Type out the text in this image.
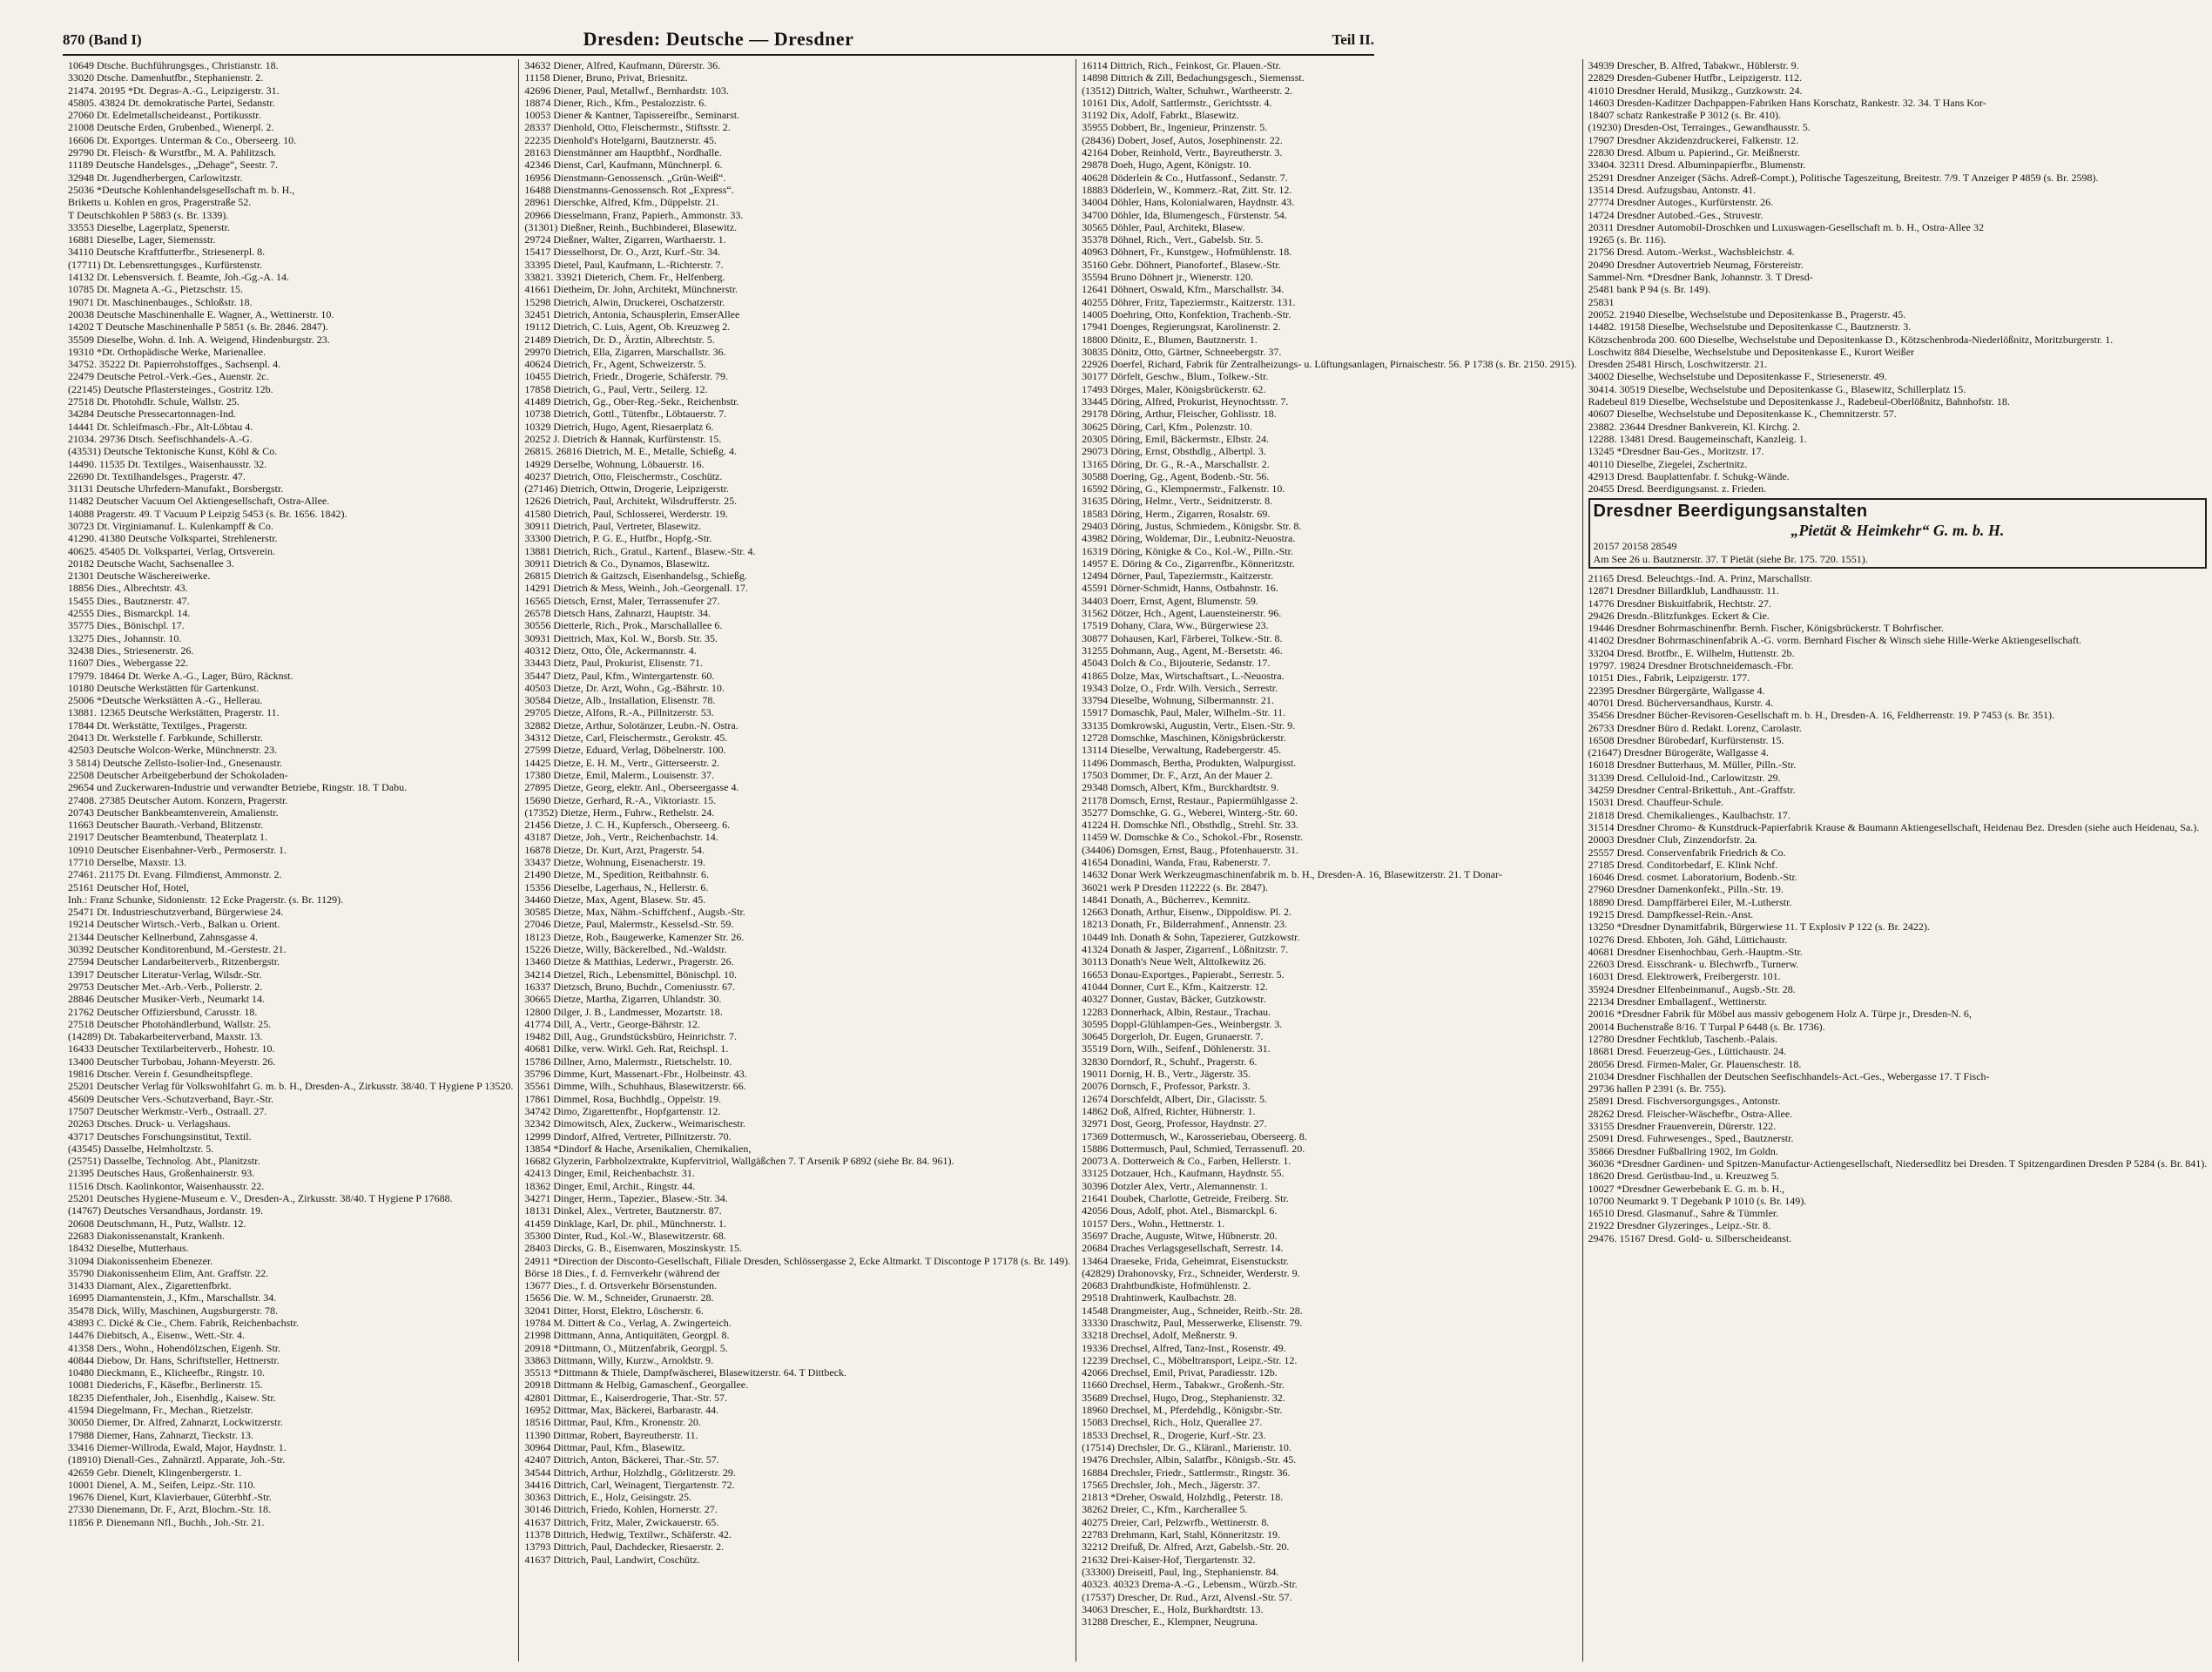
870 (Band I)	Dresden: Deutsche — Dresdner	Teil II.
10649 Dtsche. Buchführungsges., Christianstr. 18.
33020 Dtsche. Damenhutfbr., Stephanienstr. 2.
21474. 20195 *Dt. Degras-A.-G., Leipzigerstr. 31.
45805. 43824 Dt. demokratische Partei, Sedanstr.
27060 Dt. Edelmetallscheideanst., Portikusstr.
21008 Deutsche Erden, Grubenbed., Wienerpl. 2.
16606 Dt. Exportges. Unterman & Co., Oberseerg. 10.
29790 Dt. Fleisch- & Wurstfbr., M. A. Pahlitzsch.
11189 Deutsche Handelsges., „Dehage“, Seestr. 7.
32948 Dt. Jugendherbergen, Carlowitzstr.
25036 *Deutsche Kohlenhandelsgesellschaft m. b. H.,
Briketts u. Kohlen en gros, Pragerstraße 52.
T Deutschkohlen P 5883 (s. Br. 1339).
33553 Dieselbe, Lagerplatz, Spenerstr.
16881 Dieselbe, Lager, Siemensstr.
34110 Deutsche Kraftfutterfbr., Striesenerpl. 8.
(17711) Dt. Lebensrettungsges., Kurfürstenstr.
14132 Dt. Lebensversich. f. Beamte, Joh.-Gg.-A. 14.
10785 Dt. Magneta A.-G., Pietzschstr. 15.
19071 Dt. Maschinenbauges., Schloßstr. 18.
20038 Deutsche Maschinenhalle E. Wagner, A., Wettinerstr. 10.
14202 T Deutsche Maschinenhalle P 5851 (s. Br. 2846. 2847).
35509 Dieselbe, Wohn. d. Inh. A. Weigend, Hindenburgstr. 23.
19310 *Dt. Orthopädische Werke, Marienallee.
34752. 35222 Dt. Papierrohstoffges., Sachsenpl. 4.
22479 Deutsche Petrol.-Verk.-Ges., Auenstr. 2c.
(22145) Deutsche Pflastersteinges., Gostritz 12b.
27518 Dt. Photohdlr. Schule, Wallstr. 25.
34284 Deutsche Pressecartonnagen-Ind.
14441 Dt. Schleifmasch.-Fbr., Alt-Löbtau 4.
21034. 29736 Dtsch. Seefischhandels-A.-G.
(43531) Deutsche Tektonische Kunst, Köhl & Co.
14490. 11535 Dt. Textilges., Waisenhausstr. 32.
22690 Dt. Textilhandelsges., Pragerstr. 47.
31131 Deutsche Uhrfedern-Manufakt., Borsbergstr.
11482 Deutscher Vacuum Oel Aktiengesellschaft, Ostra-Allee.
14088 Pragerstr. 49. T Vacuum P Leipzig 5453 (s. Br. 1656. 1842).
30723 Dt. Virginiamanuf. L. Kulenkampff & Co.
41290. 41380 Deutsche Volkspartei, Strehlenerstr.
40625. 45405 Dt. Volkspartei, Verlag, Ortsverein.
20182 Deutsche Wacht, Sachsenallee 3.
21301 Deutsche Wäschereiwerke.
18856 Dies., Albrechtstr. 43.
15455 Dies., Bautznerstr. 47.
42555 Dies., Bismarckpl. 14.
35775 Dies., Bönischpl. 17.
13275 Dies., Johannstr. 10.
32438 Dies., Striesenerstr. 26.
11607 Dies., Webergasse 22.
17979. 18464 Dt. Werke A.-G., Lager, Büro, Räcknst.
10180 Deutsche Werkstätten für Gartenkunst.
25006 *Deutsche Werkstätten A.-G., Hellerau.
13881. 12365 Deutsche Werkstätten, Pragerstr. 11.
17844 Dt. Werkstätte, Textilges., Pragerstr.
20413 Dt. Werkstelle f. Farbkunde, Schillerstr.
42503 Deutsche Wolcon-Werke, Münchnerstr. 23.
3 5814) Deutsche Zellsto-Isolier-Ind., Gnesenaustr.
22508 Deutscher Arbeitgeberbund der Schokoladen-
29654 und Zuckerwaren-Industrie und verwandter Betriebe, Ringstr. 18. T Dabu.
27408. 27385 Deutscher Autom. Konzern, Pragerstr.
20743 Deutscher Bankbeamtenverein, Amalienstr.
11663 Deutscher Baurath.-Verband, Blitzenstr.
21917 Deutscher Beamtenbund, Theaterplatz 1.
10910 Deutscher Eisenbahner-Verb., Permoserstr. 1.
17710 Derselbe, Maxstr. 13.
27461. 21175 Dt. Evang. Filmdienst, Ammonstr. 2.
25161 Deutscher Hof, Hotel,
Inh.: Franz Schunke, Sidonienstr. 12 Ecke Pragerstr. (s. Br. 1129).
25471 Dt. Industrieschutzverband, Bürgerwiese 24.
19214 Deutscher Wirtsch.-Verb., Balkan u. Orient.
21344 Deutscher Kellnerbund, Zahnsgasse 4.
30392 Deutscher Konditorenbund, M.-Gerstestr. 21.
27594 Deutscher Landarbeiterverb., Ritzenbergstr.
13917 Deutscher Literatur-Verlag, Wilsdr.-Str.
29753 Deutscher Met.-Arb.-Verb., Polierstr. 2.
28846 Deutscher Musiker-Verb., Neumarkt 14.
21762 Deutscher Offiziersbund, Carusstr. 18.
27518 Deutscher Photohändlerbund, Wallstr. 25.
(14289) Dt. Tabakarbeiterverband, Maxstr. 13.
16433 Deutscher Textilarbeiterverb., Hohestr. 10.
13400 Deutscher Turbobau, Johann-Meyerstr. 26.
19816 Dtscher. Verein f. Gesundheitspflege.
25201 Deutscher Verlag für Volkswohlfahrt G. m. b. H., Dresden-A., Zirkusstr. 38/40. T Hygiene P 13520.
45609 Deutscher Vers.-Schutzverband, Bayr.-Str.
17507 Deutscher Werkmstr.-Verb., Ostraall. 27.
20263 Dtsches. Druck- u. Verlagshaus.
43717 Deutsches Forschungsinstitut, Textil.
(43545) Dasselbe, Helmholtzstr. 5.
(25751) Dasselbe, Technolog. Abt., Planitzstr.
21395 Deutsches Haus, Großenhainerstr. 93.
11516 Dtsch. Kaolinkontor, Waisenhausstr. 22.
25201 Deutsches Hygiene-Museum e. V., Dresden-A., Zirkusstr. 38/40. T Hygiene P 17688.
(14767) Deutsches Versandhaus, Jordanstr. 19.
20608 Deutschmann, H., Putz, Wallstr. 12.
22683 Diakonissenanstalt, Krankenh.
18432 Dieselbe, Mutterhaus.
31094 Diakonissenheim Ebenezer.
35790 Diakonissenheim Elim, Ant. Graffstr. 22.
31433 Diamant, Alex., Zigarettenfbrkt.
16995 Diamantenstein, J., Kfm., Marschallstr. 34.
35478 Dick, Willy, Maschinen, Augsburgerstr. 78.
43893 C. Dické & Cie., Chem. Fabrik, Reichenbachstr.
14476 Diebitsch, A., Eisenw., Wett.-Str. 4.
41358 Ders., Wohn., Hohendölzschen, Eigenh. Str.
40844 Diebow, Dr. Hans, Schriftsteller, Hettnerstr.
10480 Dieckmann, E., Klicheefbr., Ringstr. 10.
10081 Diederichs, F., Käsefbr., Berlinerstr. 15.
18235 Diefenthaler, Joh., Eisenhdlg., Kaisew. Str.
41594 Diegelmann, Fr., Mechan., Rietzelstr.
30050 Diemer, Dr. Alfred, Zahnarzt, Lockwitzerstr.
17988 Diemer, Hans, Zahnarzt, Tieckstr. 13.
33416 Diemer-Willroda, Ewald, Major, Haydnstr. 1.
(18910) Dienall-Ges., Zahnärztl. Apparate, Joh.-Str.
42659 Gebr. Dienelt, Klingenbergerstr. 1.
10001 Dienel, A. M., Seifen, Leipz.-Str. 110.
19676 Dienel, Kurt, Klavierbauer, Güterbhf.-Str.
27330 Dienemann, Dr. F., Arzt, Blochm.-Str. 18.
11856 P. Dienemann Nfl., Buchh., Joh.-Str. 21.
34632 Diener, Alfred, Kaufmann, Dürerstr. 36.
11158 Diener, Bruno, Privat, Briesnitz.
42696 Diener, Paul, Metallwf., Bernhardstr. 103.
18874 Diener, Rich., Kfm., Pestalozzistr. 6.
10053 Diener & Kantner, Tapissereifbr., Seminarst.
28337 Dienhold, Otto, Fleischermstr., Stiftsstr. 2.
22235 Dienhold's Hotelgarni, Bautznerstr. 45.
28163 Dienstmänner am Hauptbhf., Nordhalle.
42346 Dienst, Carl, Kaufmann, Münchnerpl. 6.
16956 Dienstmann-Genossensch. „Grün-Weiß“.
16488 Dienstmanns-Genossensch. Rot „Express“.
28961 Dierschke, Alfred, Kfm., Düppelstr. 21.
20966 Diesselmann, Franz, Papierh., Ammonstr. 33.
(31301) Dießner, Reinh., Buchbinderei, Blasewitz.
29724 Dießner, Walter, Zigarren, Warthaerstr. 1.
15417 Diesselhorst, Dr. O., Arzt, Kurf.-Str. 34.
33395 Dietel, Paul, Kaufmann, L.-Richterstr. 7.
33821. 33921 Dieterich, Chem. Fr., Helfenberg.
41661 Dietheim, Dr. John, Architekt, Münchnerstr.
15298 Dietrich, Alwin, Druckerei, Oschatzerstr.
32451 Dietrich, Antonia, Schausplerin, EmserAllee
19112 Dietrich, C. Luis, Agent, Ob. Kreuzweg 2.
21489 Dietrich, Dr. D., Ärztin, Albrechtstr. 5.
29970 Dietrich, Ella, Zigarren, Marschallstr. 36.
40624 Dietrich, Fr., Agent, Schweizerstr. 5.
10455 Dietrich, Friedr., Drogerie, Schäferstr. 79.
17858 Dietrich, G., Paul, Vertr., Seilerg. 12.
41489 Dietrich, Gg., Ober-Reg.-Sekr., Reichenbstr.
10738 Dietrich, Gottl., Tütenfbr., Löbtauerstr. 7.
10329 Dietrich, Hugo, Agent, Riesaerplatz 6.
20252 J. Dietrich & Hannak, Kurfürstenstr. 15.
26815. 26816 Dietrich, M. E., Metalle, Schießg. 4.
14929 Derselbe, Wohnung, Löbauerstr. 16.
40237 Dietrich, Otto, Fleischermstr., Coschütz.
(27146) Dietrich, Ottwin, Drogerie, Leipzigerstr.
12626 Dietrich, Paul, Architekt, Wilsdrufferstr. 25.
41580 Dietrich, Paul, Schlosserei, Werderstr. 19.
30911 Dietrich, Paul, Vertreter, Blasewitz.
33300 Dietrich, P. G. E., Hutfbr., Hopfg.-Str.
13881 Dietrich, Rich., Gratul., Kartenf., Blasew.-Str. 4.
30911 Dietrich & Co., Dynamos, Blasewitz.
26815 Dietrich & Gaitzsch, Eisenhandelsg., Schießg.
14291 Dietrich & Mess, Weinh., Joh.-Georgenall. 17.
16565 Dietsch, Ernst, Maler, Terrassenufer 27.
26578 Dietsch Hans, Zahnarzt, Hauptstr. 34.
30556 Dietterle, Rich., Prok., Marschallallee 6.
30931 Diettrich, Max, Kol. W., Borsb. Str. 35.
40312 Dietz, Otto, Öle, Ackermannstr. 4.
33443 Dietz, Paul, Prokurist, Elisenstr. 71.
35447 Dietz, Paul, Kfm., Wintergartenstr. 60.
40503 Dietze, Dr. Arzt, Wohn., Gg.-Bährstr. 10.
30584 Dietze, Alb., Installation, Elisenstr. 78.
29705 Dietze, Alfons, R.-A., Pillnitzerstr. 53.
32882 Dietze, Arthur, Solotänzer, Leubn.-N. Ostra.
34312 Dietze, Carl, Fleischermstr., Gerokstr. 45.
27599 Dietze, Eduard, Verlag, Döbelnerstr. 100.
14425 Dietze, E. H. M., Vertr., Gitterseerstr. 2.
17380 Dietze, Emil, Malerm., Louisenstr. 37.
27895 Dietze, Georg, elektr. Anl., Oberseergasse 4.
15690 Dietze, Gerhard, R.-A., Viktoriastr. 15.
(17352) Dietze, Herm., Fuhrw., Rethelstr. 24.
21456 Dietze, J. C. H., Kupfersch., Oberseerg. 6.
43187 Dietze, Joh., Vertr., Reichenbachstr. 14.
16878 Dietze, Dr. Kurt, Arzt, Pragerstr. 54.
33437 Dietze, Wohnung, Eisenacherstr. 19.
21490 Dietze, M., Spedition, Reitbahnstr. 6.
15356 Dieselbe, Lagerhaus, N., Hellerstr. 6.
34460 Dietze, Max, Agent, Blasew. Str. 45.
30585 Dietze, Max, Nähm.-Schiffchenf., Augsb.-Str.
27046 Dietze, Paul, Malermstr., Kesselsd.-Str. 59.
18123 Dietze, Rob., Baugewerke, Kamenzer Str. 26.
15226 Dietze, Willy, Bäckerelbed., Nd.-Waldstr.
13460 Dietze & Matthias, Lederwr., Pragerstr. 26.
34214 Dietzel, Rich., Lebensmittel, Bönischpl. 10.
16337 Dietzsch, Bruno, Buchdr., Comeniusstr. 67.
30665 Dietze, Martha, Zigarren, Uhlandstr. 30.
12800 Dilger, J. B., Landmesser, Mozartstr. 18.
41774 Dill, A., Vertr., George-Bährstr. 12.
19482 Dill, Aug., Grundstücksbüro, Heinrichstr. 7.
40681 Dilke, verw. Wirkl. Geh. Rat, Reichspl. 1.
15786 Dillner, Arno, Malermstr., Rietschelstr. 10.
35796 Dimme, Kurt, Massenart.-Fbr., Holbeinstr. 43.
35561 Dimme, Wilh., Schuhhaus, Blasewitzerstr. 66.
17861 Dimmel, Rosa, Buchhdlg., Oppelstr. 19.
34742 Dimo, Zigarettenfbr., Hopfgartenstr. 12.
32342 Dimowitsch, Alex, Zuckerw., Weimarischestr.
12999 Dindorf, Alfred, Vertreter, Pillnitzerstr. 70.
13854 *Dindorf & Hache, Arsenikalien, Chemikalien,
16682 Glyzerin, Farbholzextrakte, Kupfervitriol, Wallgäßchen 7. T Arsenik P 6892 (siehe Br. 84. 961).
42413 Dinger, Emil, Reichenbachstr. 31.
18362 Dinger, Emil, Archit., Ringstr. 44.
34271 Dinger, Herm., Tapezier., Blasew.-Str. 34.
18131 Dinkel, Alex., Vertreter, Bautznerstr. 87.
41459 Dinklage, Karl, Dr. phil., Münchnerstr. 1.
35300 Dinter, Rud., Kol.-W., Blasewitzerstr. 68.
28403 Dircks, G. B., Eisenwaren, Moszinskystr. 15.
24911 *Direction der Disconto-Gesellschaft, Filiale Dresden, Schlössergasse 2, Ecke Altmarkt. T Discontoge P 17178 (s. Br. 149).
Börse 18 Dies., f. d. Fernverkehr (während der
13677 Dies., f. d. Ortsverkehr Börsenstunden.
15656 Die. W. M., Schneider, Grunaerstr. 28.
32041 Ditter, Horst, Elektro, Löscherstr. 6.
19784 M. Dittert & Co., Verlag, A. Zwingerteich.
21998 Dittmann, Anna, Antiquitäten, Georgpl. 8.
20918 *Dittmann, O., Mützenfabrik, Georgpl. 5.
33863 Dittmann, Willy, Kurzw., Arnoldstr. 9.
35513 *Dittmann & Thiele, Dampfwäscherei, Blasewitzerstr. 64. T Dittbeck.
20918 Dittmann & Helbig, Gamaschenf., Georgallee.
42801 Dittmar, E., Kaiserdrogerie, Thar.-Str. 57.
16952 Dittmar, Max, Bäckerei, Barbarastr. 44.
18516 Dittmar, Paul, Kfm., Kronenstr. 20.
11390 Dittmar, Robert, Bayreutherstr. 11.
30964 Dittmar, Paul, Kfm., Blasewitz.
42407 Dittrich, Anton, Bäckerei, Thar.-Str. 57.
34544 Dittrich, Arthur, Holzhdlg., Görlitzerstr. 29.
34416 Dittrich, Carl, Weinagent, Tiergartenstr. 72.
30363 Dittrich, E., Holz, Geisingstr. 25.
30146 Dittrich, Friedo, Kohlen, Hornerstr. 27.
41637 Dittrich, Fritz, Maler, Zwickauerstr. 65.
11378 Dittrich, Hedwig, Textilwr., Schäferstr. 42.
13793 Dittrich, Paul, Dachdecker, Riesaerstr. 2.
41637 Dittrich, Paul, Landwirt, Coschütz.
16114 Dittrich, Rich., Feinkost, Gr. Plauen.-Str.
14898 Dittrich & Zill, Bedachungsgesch., Siemensst.
(13512) Dittrich, Walter, Schuhwr., Wartheerstr. 2.
10161 Dix, Adolf, Sattlermstr., Gerichtsstr. 4.
31192 Dix, Adolf, Fabrkt., Blasewitz.
35955 Dobbert, Br., Ingenieur, Prinzenstr. 5.
(28436) Dobert, Josef, Autos, Josephinenstr. 22.
42164 Dober, Reinhold, Vertr., Bayreutherstr. 3.
29878 Doeh, Hugo, Agent, Königstr. 10.
40628 Döderlein & Co., Hutfassonf., Sedanstr. 7.
18883 Döderlein, W., Kommerz.-Rat, Zitt. Str. 12.
34004 Döhler, Hans, Kolonialwaren, Haydnstr. 43.
34700 Döhler, Ida, Blumengesch., Fürstenstr. 54.
30565 Döhler, Paul, Architekt, Blasew.
35378 Döhnel, Rich., Vert., Gabelsb. Str. 5.
40963 Döhnert, Fr., Kunstgew., Hofmühlenstr. 18.
35160 Gebr. Döhnert, Pianofortef., Blasew.-Str.
35594 Bruno Döhnert jr., Wienerstr. 120.
12641 Döhnert, Oswald, Kfm., Marschallstr. 34.
40255 Döhrer, Fritz, Tapeziermstr., Kaitzerstr. 131.
14005 Doehring, Otto, Konfektion, Trachenb.-Str.
17941 Doenges, Regierungsrat, Karolinenstr. 2.
18800 Dönitz, E., Blumen, Bautznerstr. 1.
30835 Dönitz, Otto, Gärtner, Schneebergstr. 37.
22926 Doerfel, Richard, Fabrik für Zentralheizungs- u. Lüftungsanlagen, Pirnaischestr. 56. P 1738 (s. Br. 2150. 2915).
30177 Dörfelt, Geschw., Blum., Tolkew.-Str.
17493 Dörges, Maler, Königsbrückerstr. 62.
33445 Döring, Alfred, Prokurist, Heynochtsstr. 7.
29178 Döring, Arthur, Fleischer, Gohlisstr. 18.
30625 Döring, Carl, Kfm., Polenzstr. 10.
20305 Döring, Emil, Bäckermstr., Elbstr. 24.
29073 Döring, Ernst, Obsthdlg., Albertpl. 3.
13165 Döring, Dr. G., R.-A., Marschallstr. 2.
30588 Doering, Gg., Agent, Bodenb.-Str. 56.
16592 Döring, G., Klempnermstr., Falkenstr. 10.
31635 Döring, Helmr., Vertr., Seidnitzerstr. 8.
18583 Döring, Herm., Zigarren, Rosalstr. 69.
29403 Döring, Justus, Schmiedem., Königsbr. Str. 8.
43982 Döring, Woldemar, Dir., Leubnitz-Neuostra.
16319 Döring, Königke & Co., Kol.-W., Pilln.-Str.
14957 E. Döring & Co., Zigarrenfbr., Könneritzstr.
12494 Dörner, Paul, Tapeziermstr., Kaitzerstr.
45591 Dörner-Schmidt, Hanns, Ostbahnstr. 16.
34403 Doerr, Ernst, Agent, Blumenstr. 59.
31562 Dötzer, Hch., Agent, Lauensteinerstr. 96.
17519 Dohany, Clara, Ww., Bürgerwiese 23.
30877 Dohausen, Karl, Färberei, Tolkew.-Str. 8.
31255 Dohmann, Aug., Agent, M.-Bersetstr. 46.
45043 Dolch & Co., Bijouterie, Sedanstr. 17.
41865 Dolze, Max, Wirtschaftsart., L.-Neuostra.
19343 Dolze, O., Frdr. Wilh. Versich., Serrestr.
33794 Dieselbe, Wohnung, Silbermannstr. 21.
15917 Domaschk, Paul, Maler, Wilhelm.-Str. 11.
33135 Domkrowski, Augustin, Vertr., Eisen.-Str. 9.
12728 Domschke, Maschinen, Königsbrückerstr.
13114 Dieselbe, Verwaltung, Radebergerstr. 45.
11496 Dommasch, Bertha, Produkten, Walpurgisst.
17503 Dommer, Dr. F., Arzt, An der Mauer 2.
29348 Domsch, Albert, Kfm., Burckhardtstr. 9.
21178 Domsch, Ernst, Restaur., Papiermühlgasse 2.
35277 Domschke, G. G., Weberei, Winterg.-Str. 60.
41224 H. Domschke Nfl., Obsthdlg., Strehl. Str. 33.
11459 W. Domschke & Co., Schokol.-Fbr., Rosenstr.
(34406) Domsgen, Ernst, Baug., Pfotenhauerstr. 31.
41654 Donadini, Wanda, Frau, Rabenerstr. 7.
14632 Donar Werk Werkzeugmaschinenfabrik m. b. H., Dresden-A. 16, Blasewitzerstr. 21. T Donar-
36021 werk P Dresden 112222 (s. Br. 2847).
14841 Donath, A., Bücherrev., Kemnitz.
12663 Donath, Arthur, Eisenw., Dippoldisw. Pl. 2.
18213 Donath, Fr., Bilderrahmenf., Annenstr. 23.
10449 Inh. Donath & Sohn, Tapezierer, Gutzkowstr.
41324 Donath & Jasper, Zigarrenf., Lößnitzstr. 7.
30113 Donath's Neue Welt, Alttolkewitz 26.
16653 Donau-Exportges., Papierabt., Serrestr. 5.
41044 Donner, Curt E., Kfm., Kaitzerstr. 12.
40327 Donner, Gustav, Bäcker, Gutzkowstr.
12283 Donnerhack, Albin, Restaur., Trachau.
30595 Doppl-Glühlampen-Ges., Weinbergstr. 3.
30645 Dorgerloh, Dr. Eugen, Grunaerstr. 7.
35519 Dorn, Wilh., Seifenf., Döhlenerstr. 31.
32830 Dorndorf, R., Schuhf., Pragerstr. 6.
19011 Dornig, H. B., Vertr., Jägerstr. 35.
20076 Dornsch, F., Professor, Parkstr. 3.
12674 Dorschfeldt, Albert, Dir., Glacisstr. 5.
14862 Doß, Alfred, Richter, Hübnerstr. 1.
32971 Dost, Georg, Professor, Haydnstr. 27.
17369 Dottermusch, W., Karosseriebau, Oberseerg. 8.
15886 Dottermusch, Paul, Schmied, Terrassenufl. 20.
20073 A. Dotterweich & Co., Farben, Hellerstr. 1.
33125 Dotzauer, Hch., Kaufmann, Haydnstr. 55.
30396 Dotzler Alex, Vertr., Alemannenstr. 1.
21641 Doubek, Charlotte, Getreide, Freiberg. Str.
42056 Dous, Adolf, phot. Atel., Bismarckpl. 6.
10157 Ders., Wohn., Hettnerstr. 1.
35697 Drache, Auguste, Witwe, Hübnerstr. 20.
20684 Draches Verlagsgesellschaft, Serrestr. 14.
13464 Draeseke, Frida, Geheimrat, Eisenstuckstr.
(42829) Drahonovsky, Frz., Schneider, Werderstr. 9.
20683 Drahtbundkiste, Hofmühlenstr. 2.
29518 Drahtinwerk, Kaulbachstr. 28.
14548 Drangmeister, Aug., Schneider, Reitb.-Str. 28.
33330 Draschwitz, Paul, Messerwerke, Elisenstr. 79.
33218 Drechsel, Adolf, Meßnerstr. 9.
19336 Drechsel, Alfred, Tanz-Inst., Rosenstr. 49.
12239 Drechsel, C., Möbeltransport, Leipz.-Str. 12.
42066 Drechsel, Emil, Privat, Paradiesstr. 12b.
11660 Drechsel, Herm., Tabakwr., Großenh.-Str.
35689 Drechsel, Hugo, Drog., Stephanienstr. 32.
18960 Drechsel, M., Pferdehdlg., Königsbr.-Str.
15083 Drechsel, Rich., Holz, Querallee 27.
18533 Drechsel, R., Drogerie, Kurf.-Str. 23.
(17514) Drechsler, Dr. G., Kläranl., Marienstr. 10.
19476 Drechsler, Albin, Salatfbr., Königsb.-Str. 45.
16884 Drechsler, Friedr., Sattlermstr., Ringstr. 36.
17565 Drechsler, Joh., Mech., Jägerstr. 37.
21813 *Dreher, Oswald, Holzhdlg., Peterstr. 18.
38262 Dreier, C., Kfm., Karcherallee 5.
40275 Dreier, Carl, Pelzwrfb., Wettinerstr. 8.
22783 Drehmann, Karl, Stahl, Könneritzstr. 19.
32212 Dreifuß, Dr. Alfred, Arzt, Gabelsb.-Str. 20.
21632 Drei-Kaiser-Hof, Tiergartenstr. 32.
(33300) Dreiseitl, Paul, Ing., Stephanienstr. 84.
40323. 40323 Drema-A.-G., Lebensm., Würzb.-Str.
(17537) Drescher, Dr. Rud., Arzt, Alvensl.-Str. 57.
34063 Drescher, E., Holz, Burkhardtstr. 13.
31288 Drescher, E., Klempner, Neugruna.
34939 Drescher, B. Alfred, Tabakwr., Hüblerstr. 9.
22829 Dresden-Gubener Hutfbr., Leipzigerstr. 112.
41010 Dresdner Herald, Musikzg., Gutzkowstr. 24.
14603 Dresden-Kaditzer Dachpappen-Fabriken Hans Korschatz, Rankestr. 32. 34. T Hans Kor-
18407 schatz Rankestraße P 3012 (s. Br. 410).
(19230) Dresden-Ost, Terrainges., Gewandhausstr. 5.
17907 Dresdner Akzidenzdruckerei, Falkenstr. 12.
22830 Dresd. Album u. Papierind., Gr. Meißnerstr.
33404. 32311 Dresd. Albuminpapierfbr., Blumenstr.
25291 Dresdner Anzeiger (Sächs. Adreß-Compt.), Politische Tageszeitung, Breitestr. 7/9. T Anzeiger P 4859 (s. Br. 2598).
13514 Dresd. Aufzugsbau, Antonstr. 41.
27774 Dresdner Autoges., Kurfürstenstr. 26.
14724 Dresdner Autobed.-Ges., Struvestr.
20311 Dresdner Automobil-Droschken und Luxuswagen-Gesellschaft m. b. H., Ostra-Allee 32
19265 (s. Br. 116).
21756 Dresd. Autom.-Werkst., Wachsbleichstr. 4.
20490 Dresdner Autovertrieb Neumag, Förstereistr.
Sammel-Nrn. *Dresdner Bank, Johannstr. 3. T Dresd-
25481 bank P 94 (s. Br. 149).
25831
20052. 21940 Dieselbe, Wechselstube und Depositenkasse B., Pragerstr. 45.
14482. 19158 Dieselbe, Wechselstube und Depositenkasse C., Bautznerstr. 3.
Kötzschenbroda 200. 600 Dieselbe, Wechselstube und Depositenkasse D., Kötzschenbroda-Niederlößnitz, Moritzburgerstr. 1.
Loschwitz 884 Dieselbe, Wechselstube und Depositenkasse E., Kurort Weißer
Dresden 25481 Hirsch, Loschwitzerstr. 21.
34002 Dieselbe, Wechselstube und Depositenkasse F., Striesenerstr. 49.
30414. 30519 Dieselbe, Wechselstube und Depositenkasse G., Blasewitz, Schillerplatz 15.
Radebeul 819 Dieselbe, Wechselstube und Depositenkasse J., Radebeul-Oberlößnitz, Bahnhofstr. 18.
40607 Dieselbe, Wechselstube und Depositenkasse K., Chemnitzerstr. 57.
23882. 23644 Dresdner Bankverein, Kl. Kirchg. 2.
12288. 13481 Dresd. Baugemeinschaft, Kanzleig. 1.
13245 *Dresdner Bau-Ges., Moritzstr. 17.
40110 Dieselbe, Ziegelei, Zschertnitz.
42913 Dresd. Bauplattenfabr. f. Schukg-Wände.
20455 Dresd. Beerdigungsanst. z. Frieden.
Dresdner Beerdigungsanstalten
„Pietät & Heimkehr“ G. m. b. H.
20157 20158 28549
Am See 26 u. Bautznerstr. 37. T Pietät (siehe Br. 175. 720. 1551).
21165 Dresd. Beleuchtgs.-Ind. A. Prinz, Marschallstr.
12871 Dresdner Billardklub, Landhausstr. 11.
14776 Dresdner Biskuitfabrik, Hechtstr. 27.
29426 Dresdn.-Blitzfunkges. Eckert & Cie.
19446 Dresdner Bohrmaschinenfbr. Bernh. Fischer, Königsbrückerstr. T Bohrfischer.
41402 Dresdner Bohrmaschinenfabrik A.-G. vorm. Bernhard Fischer & Winsch siehe Hille-Werke Aktiengesellschaft.
33204 Dresd. Brotfbr., E. Wilhelm, Huttenstr. 2b.
19797. 19824 Dresdner Brotschneidemasch.-Fbr.
10151 Dies., Fabrik, Leipzigerstr. 177.
22395 Dresdner Bürgergärte, Wallgasse 4.
40701 Dresd. Bücherversandhaus, Kurstr. 4.
35456 Dresdner Bücher-Revisoren-Gesellschaft m. b. H., Dresden-A. 16, Feldherrenstr. 19. P 7453 (s. Br. 351).
26733 Dresdner Büro d. Redakt. Lorenz, Carolastr.
16508 Dresdner Bürobedarf, Kurfürstenstr. 15.
(21647) Dresdner Bürogeräte, Wallgasse 4.
16018 Dresdner Butterhaus, M. Müller, Pilln.-Str.
31339 Dresd. Celluloid-Ind., Carlowitzstr. 29.
34259 Dresdner Central-Brikettuh., Ant.-Graffstr.
15031 Dresd. Chauffeur-Schule.
21818 Dresd. Chemikalienges., Kaulbachstr. 17.
31514 Dresdner Chromo- & Kunstdruck-Papierfabrik Krause & Baumann Aktiengesellschaft, Heidenau Bez. Dresden (siehe auch Heidenau, Sa.).
20003 Dresdner Club, Zinzendorfstr. 2a.
25557 Dresd. Conservenfabrik Friedrich & Co.
27185 Dresd. Conditorbedarf, E. Klink Nchf.
16046 Dresd. cosmet. Laboratorium, Bodenb.-Str.
27960 Dresdner Damenkonfekt., Pilln.-Str. 19.
18890 Dresd. Dampffärberei Eiler, M.-Lutherstr.
19215 Dresd. Dampfkessel-Rein.-Anst.
13250 *Dresdner Dynamitfabrik, Bürgerwiese 11. T Explosiv P 122 (s. Br. 2422).
10276 Dresd. Ehboten, Joh. Gähd, Lüttichaustr.
40681 Dresdner Eisenhochbau, Gerh.-Hauptm.-Str.
22603 Dresd. Eisschrank- u. Blechwrfb., Turnerw.
16031 Dresd. Elektrowerk, Freibergerstr. 101.
35924 Dresdner Elfenbeinmanuf., Augsb.-Str. 28.
22134 Dresdner Emballagenf., Wettinerstr.
20016 *Dresdner Fabrik für Möbel aus massiv gebogenem Holz A. Türpe jr., Dresden-N. 6,
20014 Buchenstraße 8/16. T Turpal P 6448 (s. Br. 1736).
12780 Dresdner Fechtklub, Taschenb.-Palais.
18681 Dresd. Feuerzeug-Ges., Lüttichaustr. 24.
28056 Dresd. Firmen-Maler, Gr. Plauenschestr. 18.
21034 Dresdner Fischhallen der Deutschen Seefischhandels-Act.-Ges., Webergasse 17. T Fisch-
29736 hallen P 2391 (s. Br. 755).
25891 Dresd. Fischversorgungsges., Antonstr.
28262 Dresd. Fleischer-Wäschefbr., Ostra-Allee.
33155 Dresdner Frauenverein, Dürerstr. 122.
25091 Dresd. Fuhrwesenges., Sped., Bautznerstr.
35866 Dresdner Fußballring 1902, Im Goldn.
36036 *Dresdner Gardinen- und Spitzen-Manufactur-Actiengesellschaft, Niedersedlitz bei Dresden. T Spitzengardinen Dresden P 5284 (s. Br. 841).
18620 Dresd. Gerüstbau-Ind., u. Kreuzweg 5.
10027 *Dresdner Gewerbebank E. G. m. b. H.,
10700 Neumarkt 9. T Degebank P 1010 (s. Br. 149).
16510 Dresd. Glasmanuf., Sahre & Tümmler.
21922 Dresdner Glyzeringes., Leipz.-Str. 8.
29476. 15167 Dresd. Gold- u. Silberscheideanst.
